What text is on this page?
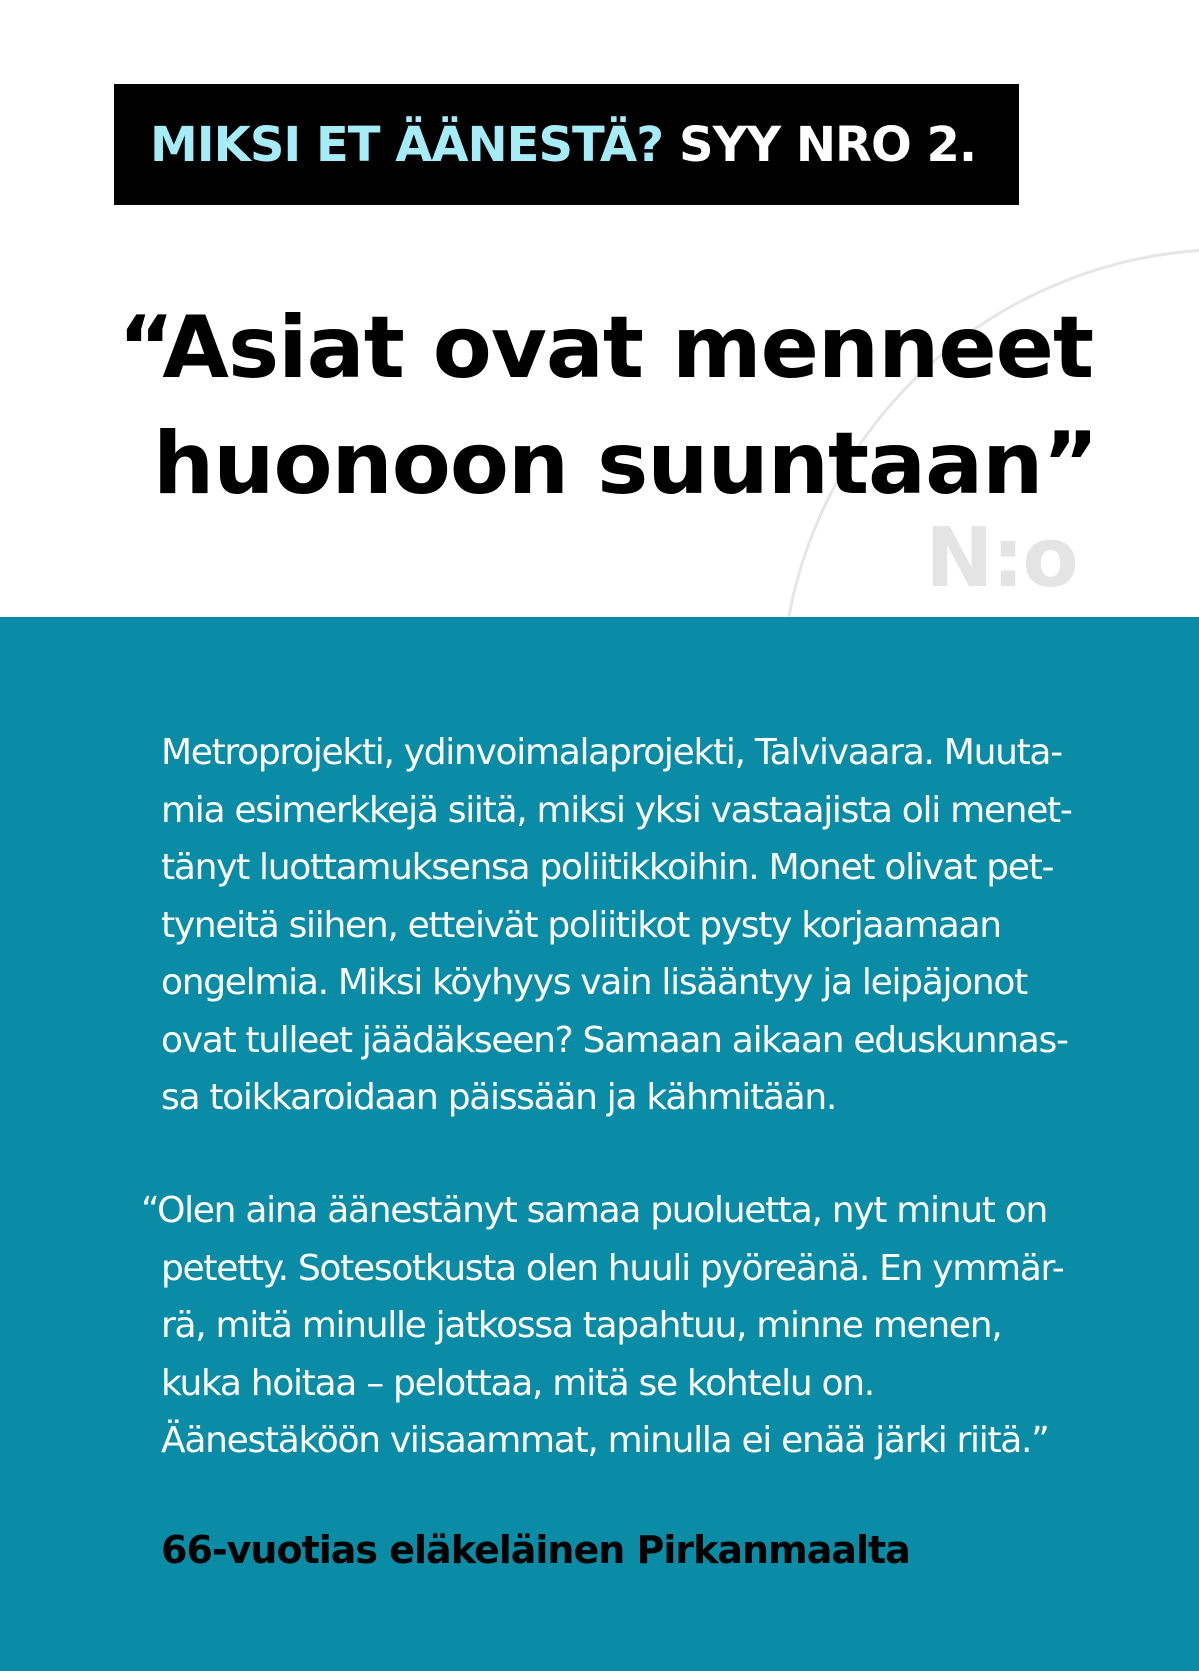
MIKSI ET ÄÄNESTÄ? SYY NRO 2.
“Asiat ovat menneet
huonoon suuntaan”
N:o

Metroprojekti, ydinvoimalaprojekti, Talvivaara. Muuta-
mia esimerkkejä siitä, miksi yksi vastaajista oli menet-
tänyt luottamuksensa poliitikkoihin. Monet olivat pet-
tyneitä siihen, etteivät poliitikot pysty korjaamaan
ongelmia. Miksi köyhyys vain lisääntyy ja leipäjonot
ovat tulleet jäädäkseen? Samaan aikaan eduskunnas-
sa toikkaroidaan päissään ja kähmitään.

“Olen aina äänestänyt samaa puoluetta, nyt minut on
petetty. Sotesotkusta olen huuli pyöreänä. En ymmär-
rä, mitä minulle jatkossa tapahtuu, minne menen,
kuka hoitaa – pelottaa, mitä se kohtelu on.
Äänestäköön viisaammat, minulla ei enää järki riitä.”

66-vuotias eläkeläinen Pirkanmaalta
